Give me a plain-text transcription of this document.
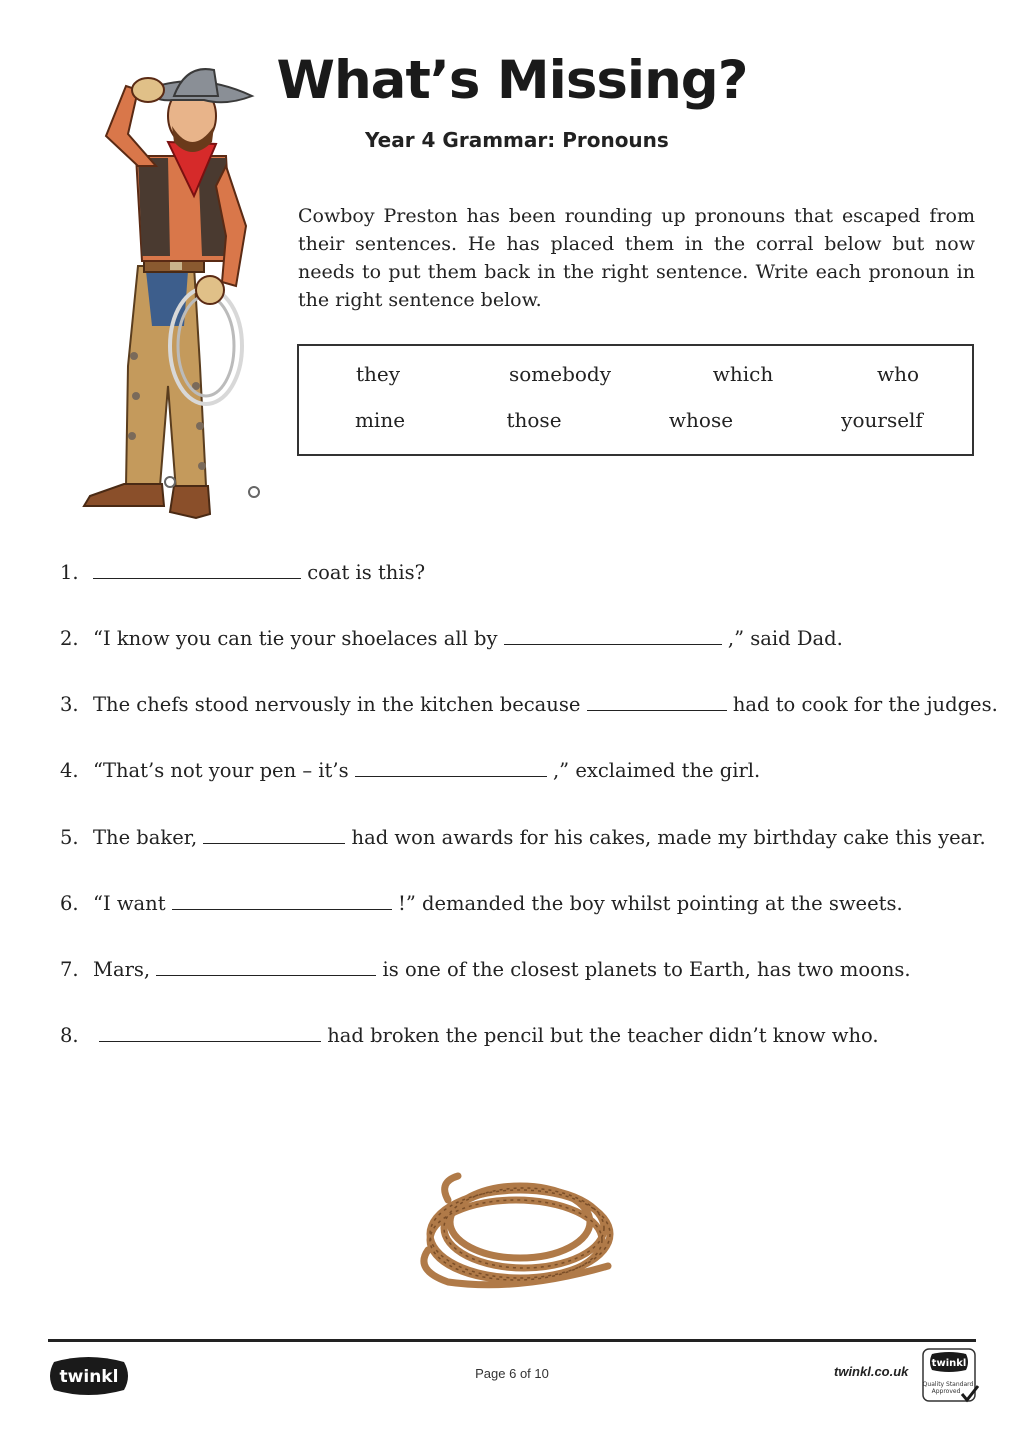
What’s Missing?
Year 4 Grammar: Pronouns

Cowboy Preston has been rounding up pronouns that escaped from their sentences. He has placed them in the corral below but now needs to put them back in the right sentence. Write each pronoun in the right sentence below.

they	somebody	which	who
mine	those	whose	yourself
1.	coat is this?
2. “I know you can tie your shoelaces all by	,” said Dad.
3. The chefs stood nervously in the kitchen because	had to cook for the judges.
4. “That’s not your pen – it’s	,” exclaimed the girl.
5. The baker,	had won awards for his cakes, made my birthday cake this year.
6. “I want	!” demanded the boy whilst pointing at the sweets.
7. Mars,	is one of the closest planets to Earth, has two moons.
8.	had broken the pencil but the teacher didn’t know who.
twinkl	Page 6 of 10	twinkl.co.uk
twinkl
Quality Standard
Approved
